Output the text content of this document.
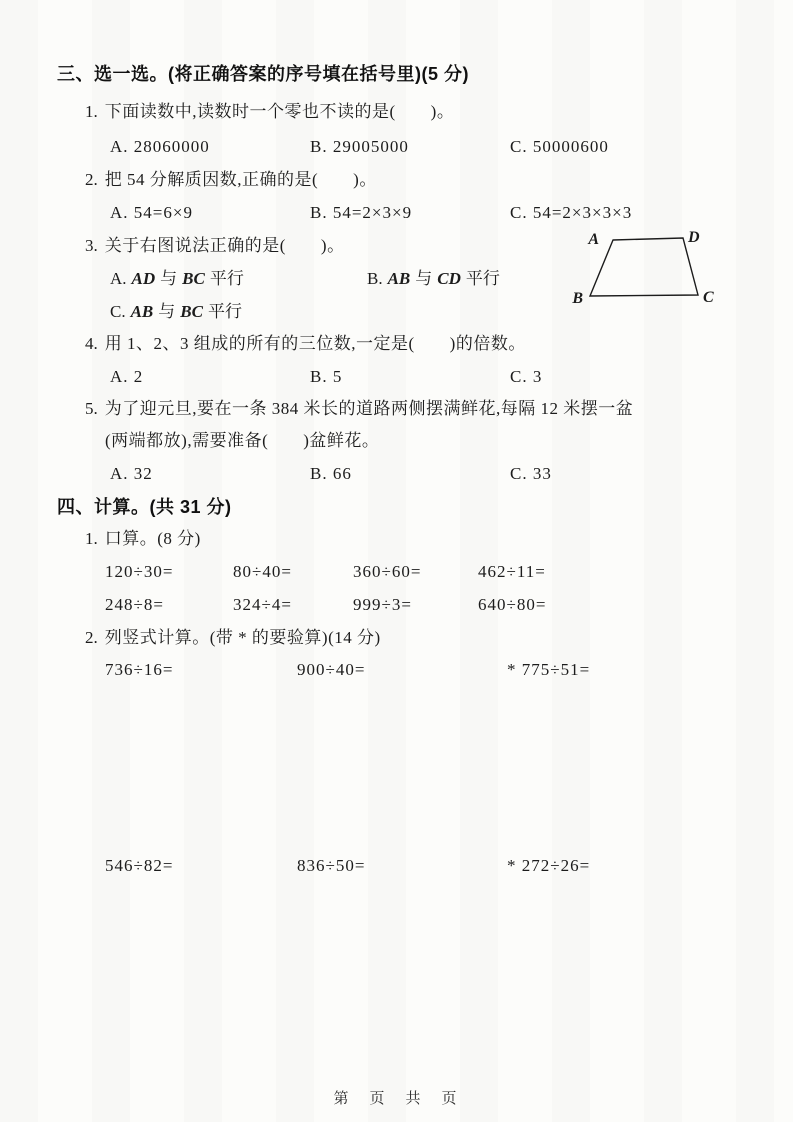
三、选一选。(将正确答案的序号填在括号里)(5 分)
1. 下面读数中,读数时一个零也不读的是(　　)。
A. 28060000	B. 29005000	C. 50000600
2. 把 54 分解质因数,正确的是(　　)。
A. 54=6×9	B. 54=2×3×9	C. 54=2×3×3×3
3. 关于右图说法正确的是(　　)。
A. AD 与 BC 平行	B. AB 与 CD 平行
C. AB 与 BC 平行
A	D
B	C
4. 用 1、2、3 组成的所有的三位数,一定是(　　)的倍数。
A. 2	B. 5	C. 3
5. 为了迎元旦,要在一条 384 米长的道路两侧摆满鲜花,每隔 12 米摆一盆
(两端都放),需要准备(　　)盆鲜花。
A. 32	B. 66	C. 33
四、计算。(共 31 分)
1. 口算。(8 分)
120÷30=	80÷40=	360÷60=	462÷11=
248÷8=	324÷4=	999÷3=	640÷80=
2. 列竖式计算。(带 * 的要验算)(14 分)
736÷16=	900÷40=	* 775÷51=
546÷82=	836÷50=	* 272÷26=
第　页　共　页
